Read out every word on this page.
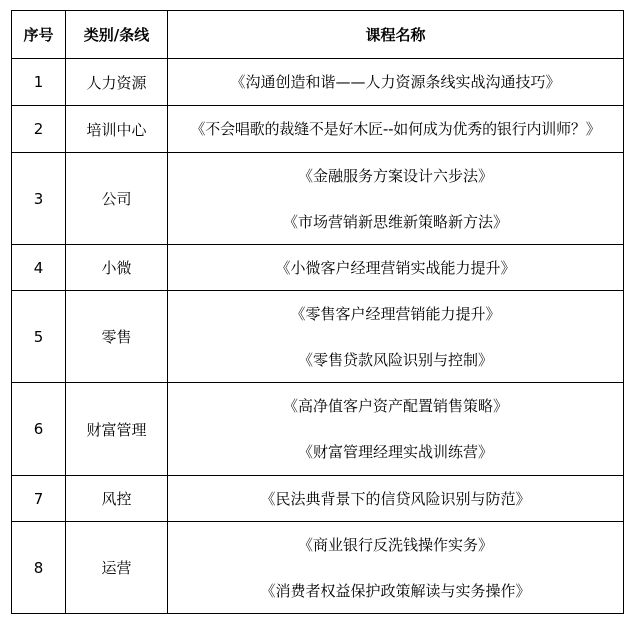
序号	类别/条线	课程名称
1	人力资源	《沟通创造和谐——人力资源条线实战沟通技巧》

2	培训中心	《不会唱歌的裁缝不是好木匠--如何成为优秀的银行内训师？》

3	公司	《金融服务方案设计六步法》
《市场营销新思维新策略新方法》

4	小微	《小微客户经理营销实战能力提升》

5	零售	《零售客户经理营销能力提升》
《零售贷款风险识别与控制》

6	财富管理	《高净值客户资产配置销售策略》
《财富管理经理实战训练营》

7	风控	《民法典背景下的信贷风险识别与防范》

8	运营	《商业银行反洗钱操作实务》
《消费者权益保护政策解读与实务操作》
